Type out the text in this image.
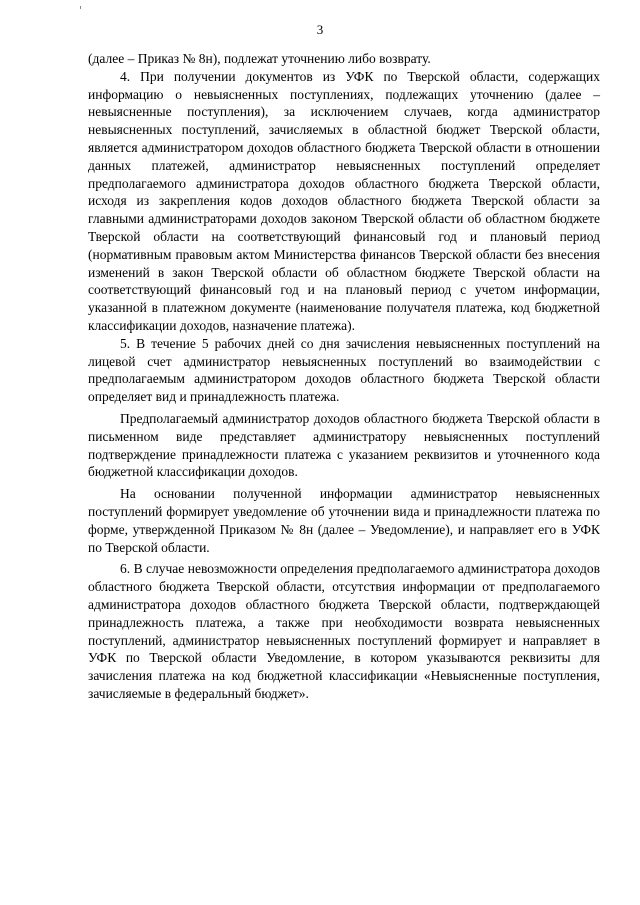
3

(далее – Приказ № 8н), подлежат уточнению либо возврату.

4. При получении документов из УФК по Тверской области, содержащих информацию о невыясненных поступлениях, подлежащих уточнению (далее – невыясненные поступления), за исключением случаев, когда администратор невыясненных поступлений, зачисляемых в областной бюджет Тверской области, является администратором доходов областного бюджета Тверской области в отношении данных платежей, администратор невыясненных поступлений определяет предполагаемого администратора доходов областного бюджета Тверской области, исходя из закрепления кодов доходов областного бюджета Тверской области за главными администраторами доходов законом Тверской области об областном бюджете Тверской области на соответствующий финансовый год и плановый период (нормативным правовым актом Министерства финансов Тверской области без внесения изменений в закон Тверской области об областном бюджете Тверской области на соответствующий финансовый год и на плановый период с учетом информации, указанной в платежном документе (наименование получателя платежа, код бюджетной классификации доходов, назначение платежа).

5. В течение 5 рабочих дней со дня зачисления невыясненных поступлений на лицевой счет администратор невыясненных поступлений во взаимодействии с предполагаемым администратором доходов областного бюджета Тверской области определяет вид и принадлежность платежа.

Предполагаемый администратор доходов областного бюджета Тверской области в письменном виде представляет администратору невыясненных поступлений подтверждение принадлежности платежа с указанием реквизитов и уточненного кода бюджетной классификации доходов.

На основании полученной информации администратор невыясненных поступлений формирует уведомление об уточнении вида и принадлежности платежа по форме, утвержденной Приказом № 8н (далее – Уведомление), и направляет его в УФК по Тверской области.

6. В случае невозможности определения предполагаемого администратора доходов областного бюджета Тверской области, отсутствия информации от предполагаемого администратора доходов областного бюджета Тверской области, подтверждающей принадлежность платежа, а также при необходимости возврата невыясненных поступлений, администратор невыясненных поступлений формирует и направляет в УФК по Тверской области Уведомление, в котором указываются реквизиты для зачисления платежа на код бюджетной классификации «Невыясненные поступления, зачисляемые в федеральный бюджет».
